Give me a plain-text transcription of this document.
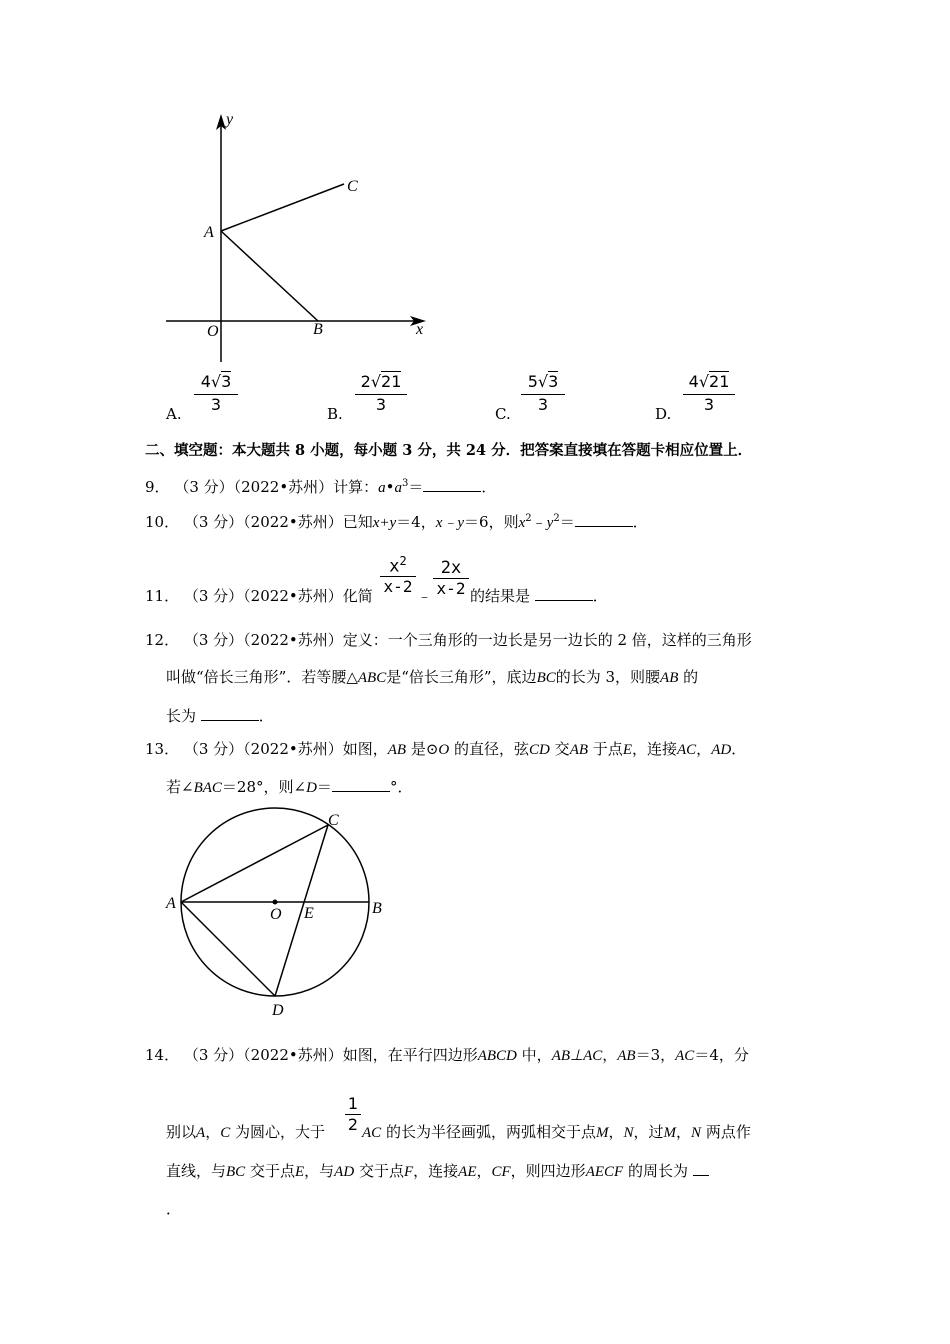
y
x
A
C
B
O
A.
4√3
3	B.
2√21
3	C.
5√3
3	D.
4√21
3
二、填空题：本大题共 8 小题，每小题 3 分，共 24 分．把答案直接填在答题卡相应位置上．
9． （3 分）（2022•苏州）计算：$a•a^3=$	．
10． （3 分）（2022•苏州）已知x+y＝4，x﹣y＝6，则$x^2﹣y^2=$	．
11． （3 分）（2022•苏州）化简
$x^2$
x-2 ﹣
2x
x-2 的结果是	．
12． （3 分）（2022•苏州）定义：一个三角形的一边长是另一边长的 2 倍，这样的三角形
叫做“倍长三角形”．若等腰△ABC是“倍长三角形”，底边BC的长为 3，则腰AB 的
长为	．
13． （3 分）（2022•苏州）如图，AB 是⊙O 的直径，弦CD 交AB 于点E，连接AC，AD．
若∠BAC＝28°，则∠D＝	°．
A	B
C
D
O E
14． （3 分）（2022•苏州）如图，在平行四边形ABCD 中，AB⊥AC，AB＝3，AC＝4，分
1
2
别以A，C 为圆心，大于 AC 的长为半径画弧，两弧相交于点M，N，过M，N 两点作
直线，与BC 交于点E，与AD 交于点F，连接AE，CF，则四边形AECF 的周长为
．
